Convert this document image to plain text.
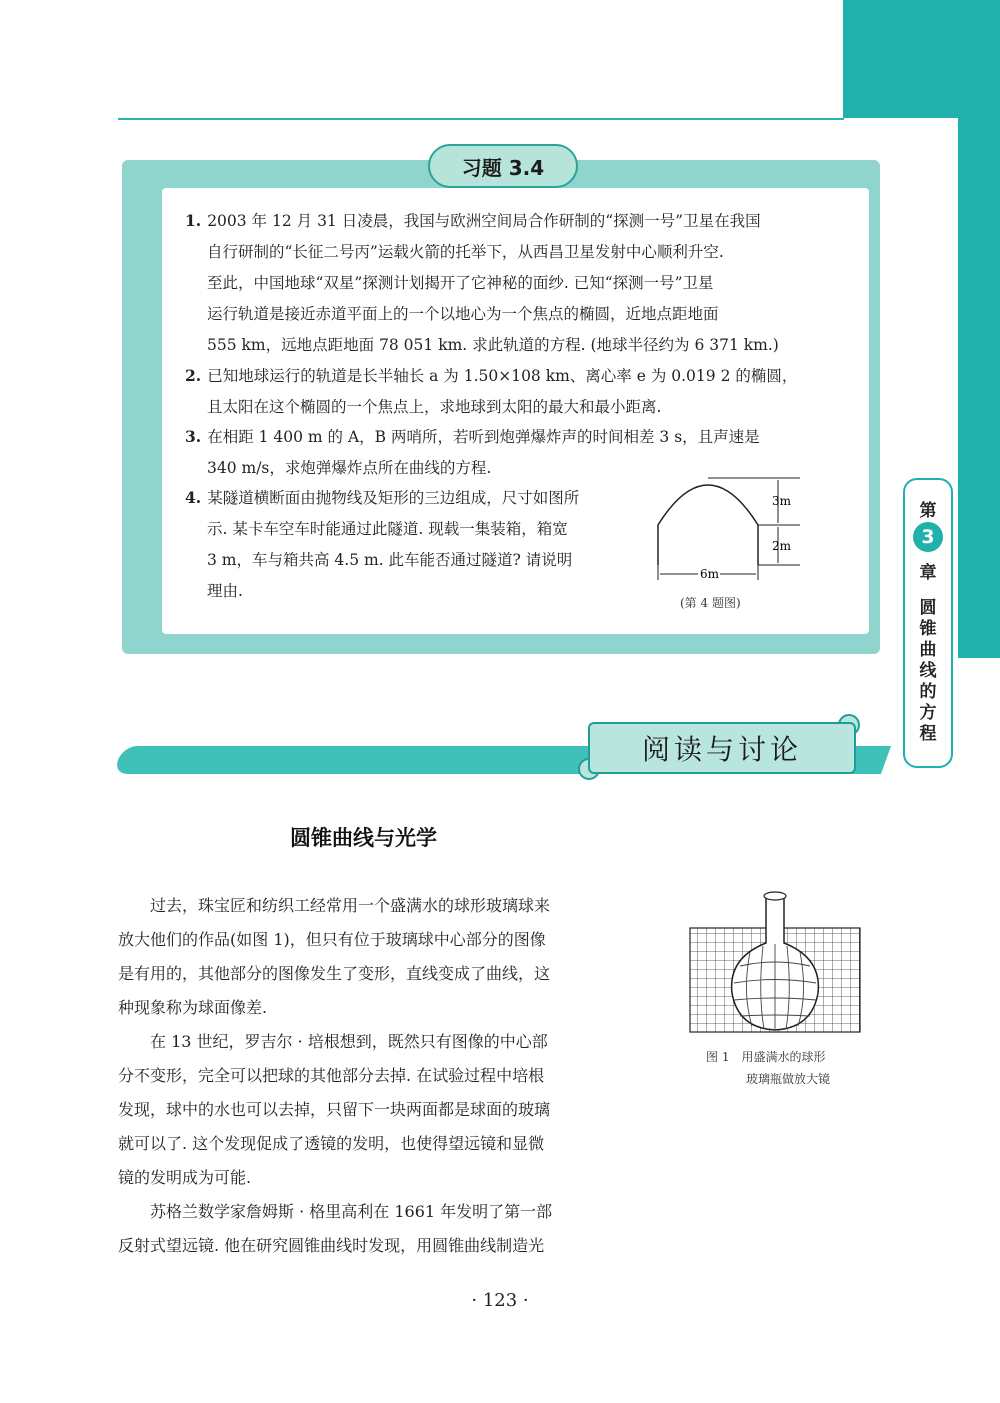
习题 3.4
1. 2003 年 12 月 31 日凌晨，我国与欧洲空间局合作研制的“探测一号”卫星在我国
自行研制的“长征二号丙”运载火箭的托举下，从西昌卫星发射中心顺利升空.
至此，中国地球“双星”探测计划揭开了它神秘的面纱. 已知“探测一号”卫星
运行轨道是接近赤道平面上的一个以地心为一个焦点的椭圆，近地点距地面
555 km，远地点距地面 78 051 km. 求此轨道的方程. (地球半径约为 6 371 km.)
2. 已知地球运行的轨道是长半轴长 a 为 1.50×108 km、离心率 e 为 0.019 2 的椭圆，
且太阳在这个椭圆的一个焦点上，求地球到太阳的最大和最小距离.
3. 在相距 1 400 m 的 A，B 两哨所，若听到炮弹爆炸声的时间相差 3 s，且声速是
340 m/s，求炮弹爆炸点所在曲线的方程.
4. 某隧道横断面由抛物线及矩形的三边组成，尺寸如图所
示. 某卡车空车时能通过此隧道. 现载一集装箱，箱宽
3 m，车与箱共高 4.5 m. 此车能否通过隧道? 请说明
理由.
3m
2m
6m
(第 4 题图)
第
3
章
圆
锥
曲
线
的
方
程
阅读与讨论
圆锥曲线与光学
过去，珠宝匠和纺织工经常用一个盛满水的球形玻璃球来
放大他们的作品(如图 1)，但只有位于玻璃球中心部分的图像
是有用的，其他部分的图像发生了变形，直线变成了曲线，这
种现象称为球面像差.
在 13 世纪，罗吉尔 · 培根想到，既然只有图像的中心部
分不变形，完全可以把球的其他部分去掉. 在试验过程中培根
发现，球中的水也可以去掉，只留下一块两面都是球面的玻璃
就可以了. 这个发现促成了透镜的发明，也使得望远镜和显微
镜的发明成为可能.
苏格兰数学家詹姆斯 · 格里高利在 1661 年发明了第一部
反射式望远镜. 他在研究圆锥曲线时发现，用圆锥曲线制造光
图 1　用盛满水的球形
玻璃瓶做放大镜
· 123 ·
